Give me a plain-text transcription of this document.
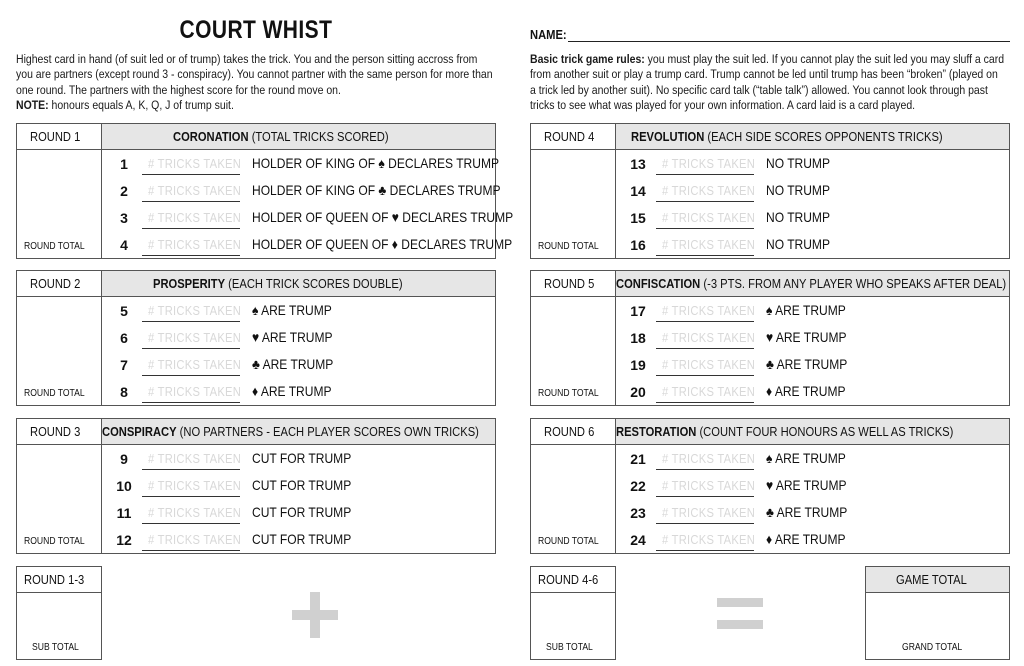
COURT WHIST
Highest card in hand (of suit led or of trump) takes the trick. You and the person sitting accross from
you are partners (except round 3 - conspiracy). You cannot partner with the same person for more than
one round. The partners with the highest score for the round move on.
NOTE: honours equals A, K, Q, J of trump suit.
NAME:
Basic trick game rules: you must play the suit led. If you cannot play the suit led you may sluff a card
from another suit or play a trump card. Trump cannot be led until trump has been “broken” (played on
a trick led by another suit). No specific card talk (“table talk”) allowed. You cannot look through past
tricks to see what was played for your own information. A card laid is a card played.
ROUND 1	CORONATION (TOTAL TRICKS SCORED)
ROUND TOTAL
1	# TRICKS TAKEN HOLDER OF KING OF ♠ DECLARES TRUMP
2	# TRICKS TAKEN HOLDER OF KING OF ♣ DECLARES TRUMP
3	# TRICKS TAKEN HOLDER OF QUEEN OF ♥ DECLARES TRUMP
4	# TRICKS TAKEN HOLDER OF QUEEN OF ♦ DECLARES TRUMP
ROUND 2	PROSPERITY (EACH TRICK SCORES DOUBLE)
ROUND TOTAL
5	# TRICKS TAKEN ♠ ARE TRUMP
6	# TRICKS TAKEN ♥ ARE TRUMP
7	# TRICKS TAKEN ♣ ARE TRUMP
8	# TRICKS TAKEN ♦ ARE TRUMP
ROUND 3	CONSPIRACY (NO PARTNERS - EACH PLAYER SCORES OWN TRICKS)
ROUND TOTAL
9	# TRICKS TAKEN CUT FOR TRUMP
10	# TRICKS TAKEN CUT FOR TRUMP
11	# TRICKS TAKEN CUT FOR TRUMP
12	# TRICKS TAKEN CUT FOR TRUMP
ROUND 4	REVOLUTION (EACH SIDE SCORES OPPONENTS TRICKS)
ROUND TOTAL
13	# TRICKS TAKEN NO TRUMP
14	# TRICKS TAKEN NO TRUMP
15	# TRICKS TAKEN NO TRUMP
16	# TRICKS TAKEN NO TRUMP
ROUND 5	CONFISCATION (-3 PTS. FROM ANY PLAYER WHO SPEAKS AFTER DEAL)
ROUND TOTAL
17	# TRICKS TAKEN ♠ ARE TRUMP
18	# TRICKS TAKEN ♥ ARE TRUMP
19	# TRICKS TAKEN ♣ ARE TRUMP
20	# TRICKS TAKEN ♦ ARE TRUMP
ROUND 6	RESTORATION (COUNT FOUR HONOURS AS WELL AS TRICKS)
ROUND TOTAL
21	# TRICKS TAKEN ♠ ARE TRUMP
22	# TRICKS TAKEN ♥ ARE TRUMP
23	# TRICKS TAKEN ♣ ARE TRUMP
24	# TRICKS TAKEN ♦ ARE TRUMP
ROUND 1-3
SUB TOTAL
ROUND 4-6
SUB TOTAL
GAME TOTAL
GRAND TOTAL
